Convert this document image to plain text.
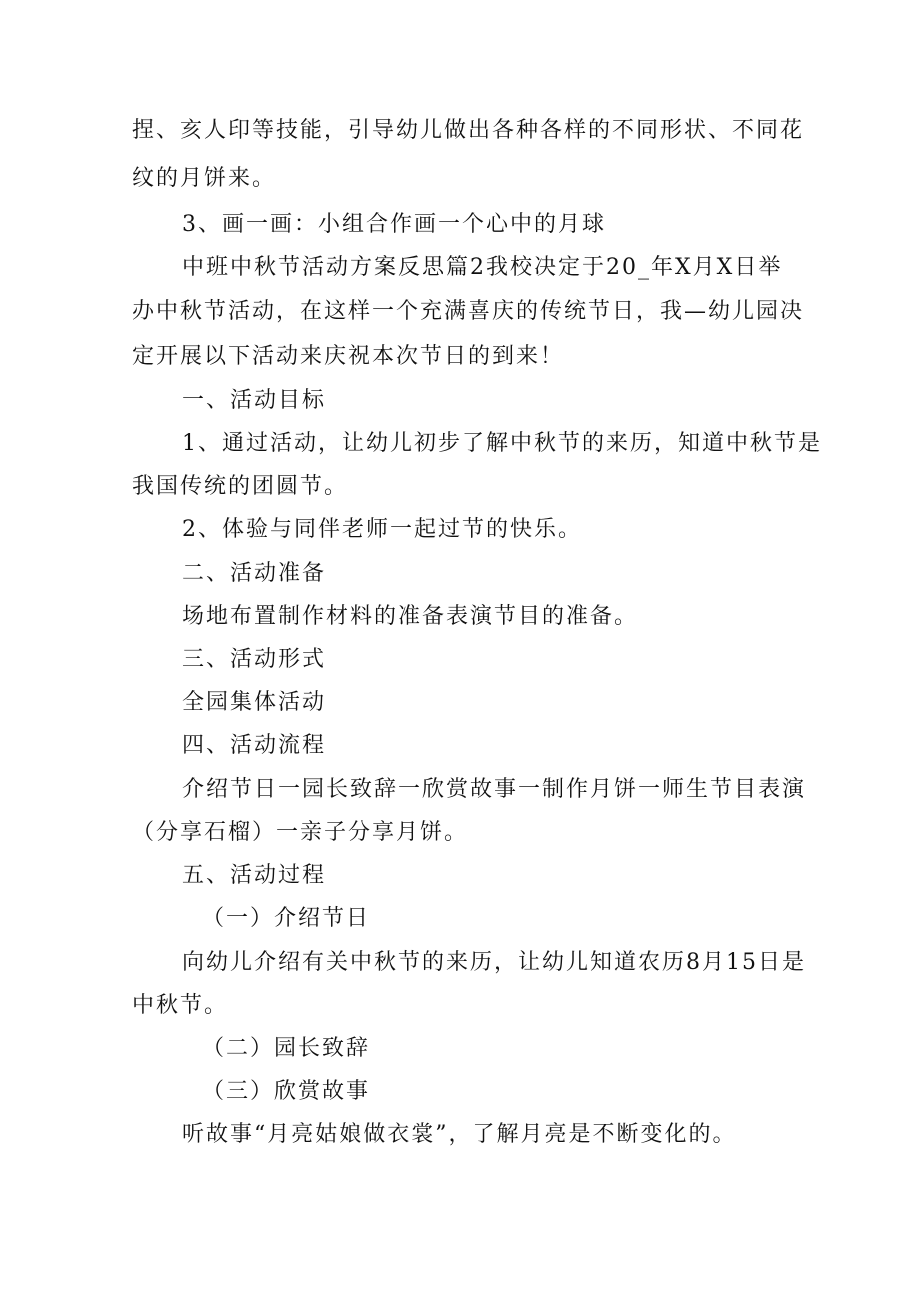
捏、亥人印等技能，引导幼儿做出各种各样的不同形状、不同花
纹的月饼来。
3、画一画：小组合作画一个心中的月球
中班中秋节活动方案反思篇2我校决定于20_年X月X日举
办中秋节活动，在这样一个充满喜庆的传统节日，我—幼儿园决
定开展以下活动来庆祝本次节日的到来！
一、活动目标
1、通过活动，让幼儿初步了解中秋节的来历，知道中秋节是
我国传统的团圆节。
2、体验与同伴老师一起过节的快乐。
二、活动准备
场地布置制作材料的准备表演节目的准备。
三、活动形式
全园集体活动
四、活动流程
介绍节日一园长致辞一欣赏故事一制作月饼一师生节目表演
（分享石榴）一亲子分享月饼。
五、活动过程
（一）介绍节日
向幼儿介绍有关中秋节的来历，让幼儿知道农历8月15日是
中秋节。
（二）园长致辞
（三）欣赏故事
听故事“月亮姑娘做衣裳”，了解月亮是不断变化的。
